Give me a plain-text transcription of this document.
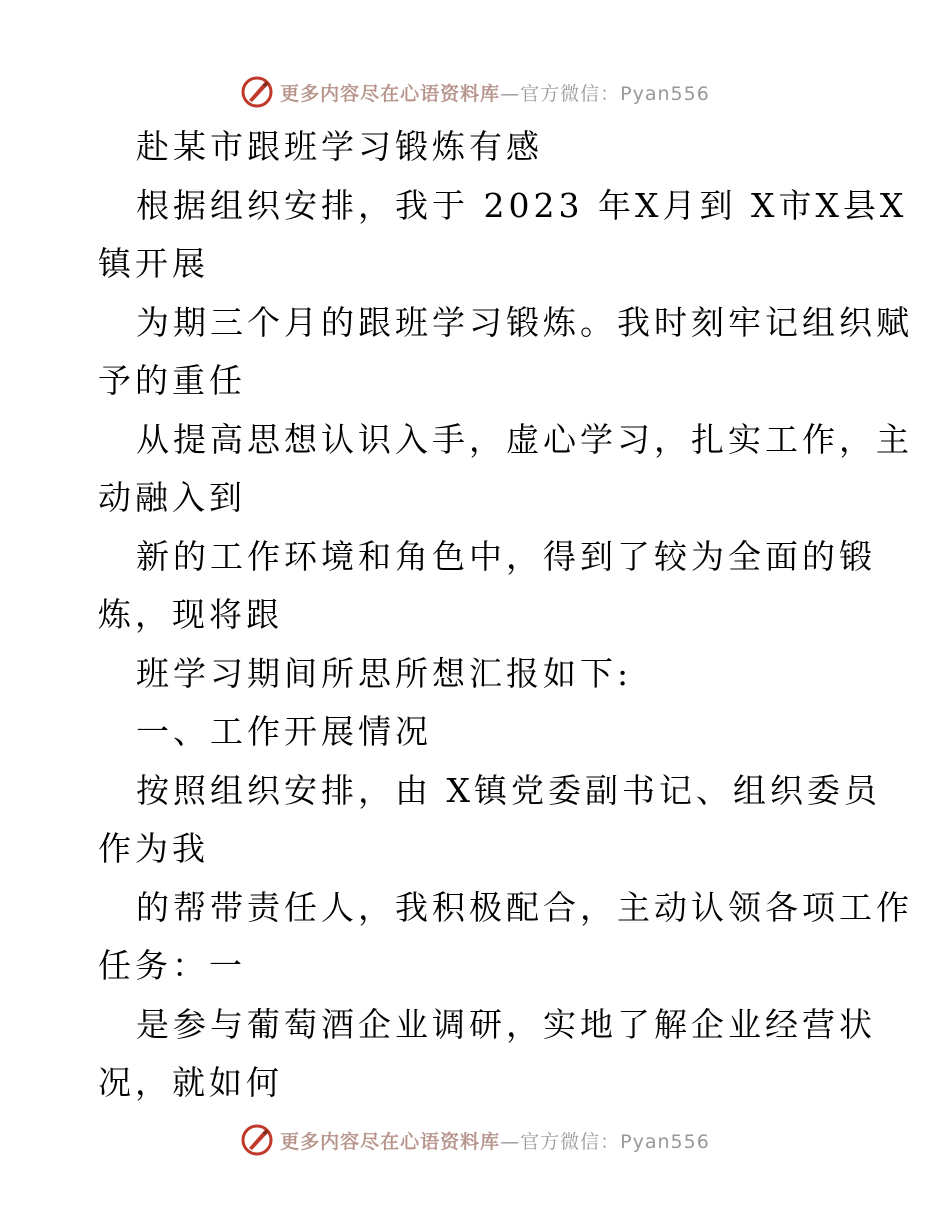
更多内容尽在心语资料库—官方微信：Pyan556
赴某市跟班学习锻炼有感
根据组织安排，我于 2023 年X月到 X市X县X
镇开展
为期三个月的跟班学习锻炼。我时刻牢记组织赋
予的重任
从提高思想认识入手，虚心学习，扎实工作，主
动融入到
新的工作环境和角色中，得到了较为全面的锻
炼，现将跟
班学习期间所思所想汇报如下:
一、工作开展情况
按照组织安排，由 X镇党委副书记、组织委员
作为我
的帮带责任人，我积极配合，主动认领各项工作
任务：一
是参与葡萄酒企业调研，实地了解企业经营状
况，就如何
更多内容尽在心语资料库—官方微信：Pyan556
